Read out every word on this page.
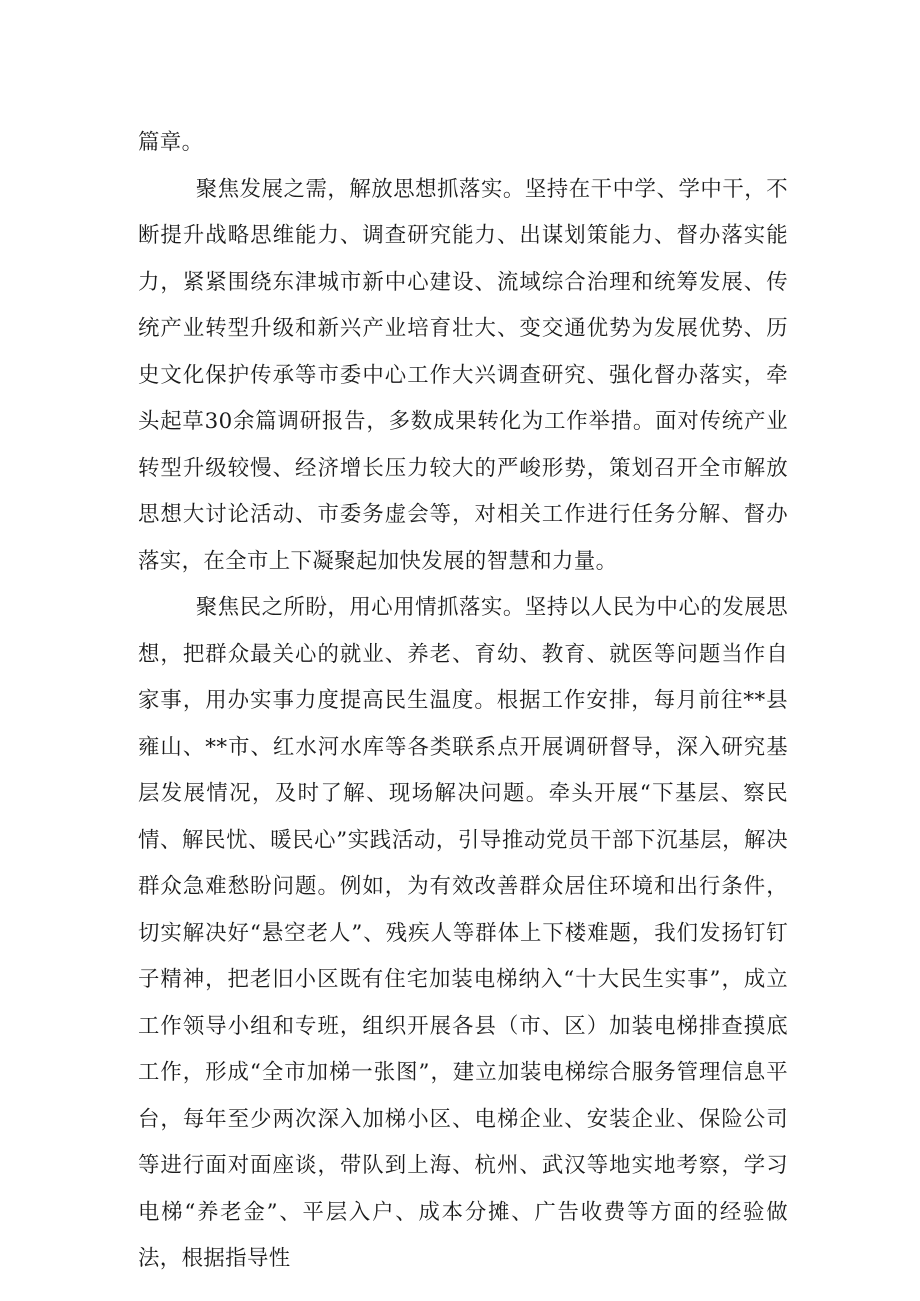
篇章。

聚焦发展之需，解放思想抓落实。坚持在干中学、学中干，不断提升战略思维能力、调查研究能力、出谋划策能力、督办落实能力，紧紧围绕东津城市新中心建设、流域综合治理和统筹发展、传统产业转型升级和新兴产业培育壮大、变交通优势为发展优势、历史文化保护传承等市委中心工作大兴调查研究、强化督办落实，牵头起草30余篇调研报告，多数成果转化为工作举措。面对传统产业转型升级较慢、经济增长压力较大的严峻形势，策划召开全市解放思想大讨论活动、市委务虚会等，对相关工作进行任务分解、督办落实，在全市上下凝聚起加快发展的智慧和力量。

聚焦民之所盼，用心用情抓落实。坚持以人民为中心的发展思想，把群众最关心的就业、养老、育幼、教育、就医等问题当作自家事，用办实事力度提高民生温度。根据工作安排，每月前往**县雍山、**市、红水河水库等各类联系点开展调研督导，深入研究基层发展情况，及时了解、现场解决问题。牵头开展“下基层、察民情、解民忧、暖民心”实践活动，引导推动党员干部下沉基层，解决群众急难愁盼问题。例如，为有效改善群众居住环境和出行条件，切实解决好“悬空老人”、残疾人等群体上下楼难题，我们发扬钉钉子精神，把老旧小区既有住宅加装电梯纳入“十大民生实事”，成立工作领导小组和专班，组织开展各县（市、区）加装电梯排查摸底工作，形成“全市加梯一张图”，建立加装电梯综合服务管理信息平台，每年至少两次深入加梯小区、电梯企业、安装企业、保险公司等进行面对面座谈，带队到上海、杭州、武汉等地实地考察，学习电梯“养老金”、平层入户、成本分摊、广告收费等方面的经验做法，根据指导性
